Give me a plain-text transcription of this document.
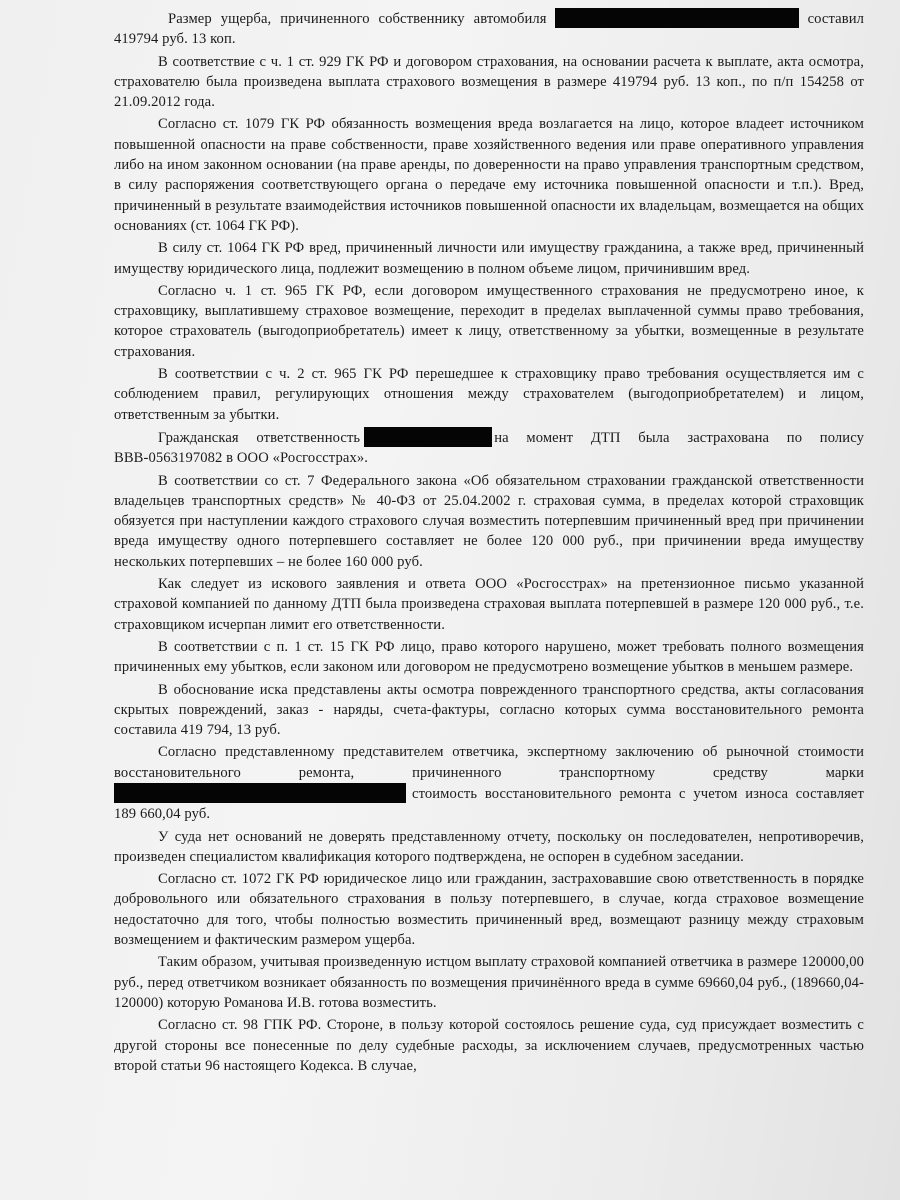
Размер ущерба, причиненного собственнику автомобиля	составил 419794 руб. 13 коп.

В соответствие с ч. 1 ст. 929 ГК РФ и договором страхования, на основании расчета к выплате, акта осмотра, страхователю была произведена выплата страхового возмещения в размере 419794 руб. 13 коп., по п/п 154258 от 21.09.2012 года.

Согласно ст. 1079 ГК РФ обязанность возмещения вреда возлагается на лицо, которое владеет источником повышенной опасности на праве собственности, праве хозяйственного ведения или праве оперативного управления либо на ином законном основании (на праве аренды, по доверенности на право управления транспортным средством, в силу распоряжения соответствующего органа о передаче ему источника повышенной опасности и т.п.). Вред, причиненный в результате взаимодействия источников повышенной опасности их владельцам, возмещается на общих основаниях (ст. 1064 ГК РФ).

В силу ст. 1064 ГК РФ вред, причиненный личности или имуществу гражданина, а также вред, причиненный имуществу юридического лица, подлежит возмещению в полном объеме лицом, причинившим вред.

Согласно ч. 1 ст. 965 ГК РФ, если договором имущественного страхования не предусмотрено иное, к страховщику, выплатившему страховое возмещение, переходит в пределах выплаченной суммы право требования, которое страхователь (выгодоприобретатель) имеет к лицу, ответственному за убытки, возмещенные в результате страхования.

В соответствии с ч. 2 ст. 965 ГК РФ перешедшее к страховщику право требования осуществляется им с соблюдением правил, регулирующих отношения между страхователем (выгодоприобретателем) и лицом, ответственным за убытки.

Гражданская ответственность	на момент ДТП была застрахована по полису ВВВ-0563197082 в ООО «Росгосстрах».

В соответствии со ст. 7 Федерального закона «Об обязательном страховании гражданской ответственности владельцев транспортных средств» № 40-ФЗ от 25.04.2002 г. страховая сумма, в пределах которой страховщик обязуется при наступлении каждого страхового случая возместить потерпевшим причиненный вред при причинении вреда имуществу одного потерпевшего составляет не более 120 000 руб., при причинении вреда имуществу нескольких потерпевших – не более 160 000 руб.

Как следует из искового заявления и ответа ООО «Росгосстрах» на претензионное письмо указанной страховой компанией по данному ДТП была произведена страховая выплата потерпевшей в размере 120 000 руб., т.е. страховщиком исчерпан лимит его ответственности.

В соответствии с п. 1 ст. 15 ГК РФ лицо, право которого нарушено, может требовать полного возмещения причиненных ему убытков, если законом или договором не предусмотрено возмещение убытков в меньшем размере.

В обоснование иска представлены акты осмотра поврежденного транспортного средства, акты согласования скрытых повреждений, заказ - наряды, счета-фактуры, согласно которых сумма восстановительного ремонта составила 419 794, 13 руб.

Согласно представленному представителем ответчика, экспертному заключению об рыночной стоимости восстановительного ремонта, причиненного транспортному средству марки стоимость восстановительного ремонта с учетом износа составляет 189 660,04 руб.

У суда нет оснований не доверять представленному отчету, поскольку он последователен, непротиворечив, произведен специалистом квалификация которого подтверждена, не оспорен в судебном заседании.

Согласно ст. 1072 ГК РФ юридическое лицо или гражданин, застраховавшие свою ответственность в порядке добровольного или обязательного страхования в пользу потерпевшего, в случае, когда страховое возмещение недостаточно для того, чтобы полностью возместить причиненный вред, возмещают разницу между страховым возмещением и фактическим размером ущерба.

Таким образом, учитывая произведенную истцом выплату страховой компанией ответчика в размере 120000,00 руб., перед ответчиком возникает обязанность по возмещения причинённого вреда в сумме 69660,04 руб., (189660,04-120000) которую Романова И.В. готова возместить.

Согласно ст. 98 ГПК РФ. Стороне, в пользу которой состоялось решение суда, суд присуждает возместить с другой стороны все понесенные по делу судебные расходы, за исключением случаев, предусмотренных частью второй статьи 96 настоящего Кодекса. В случае,
